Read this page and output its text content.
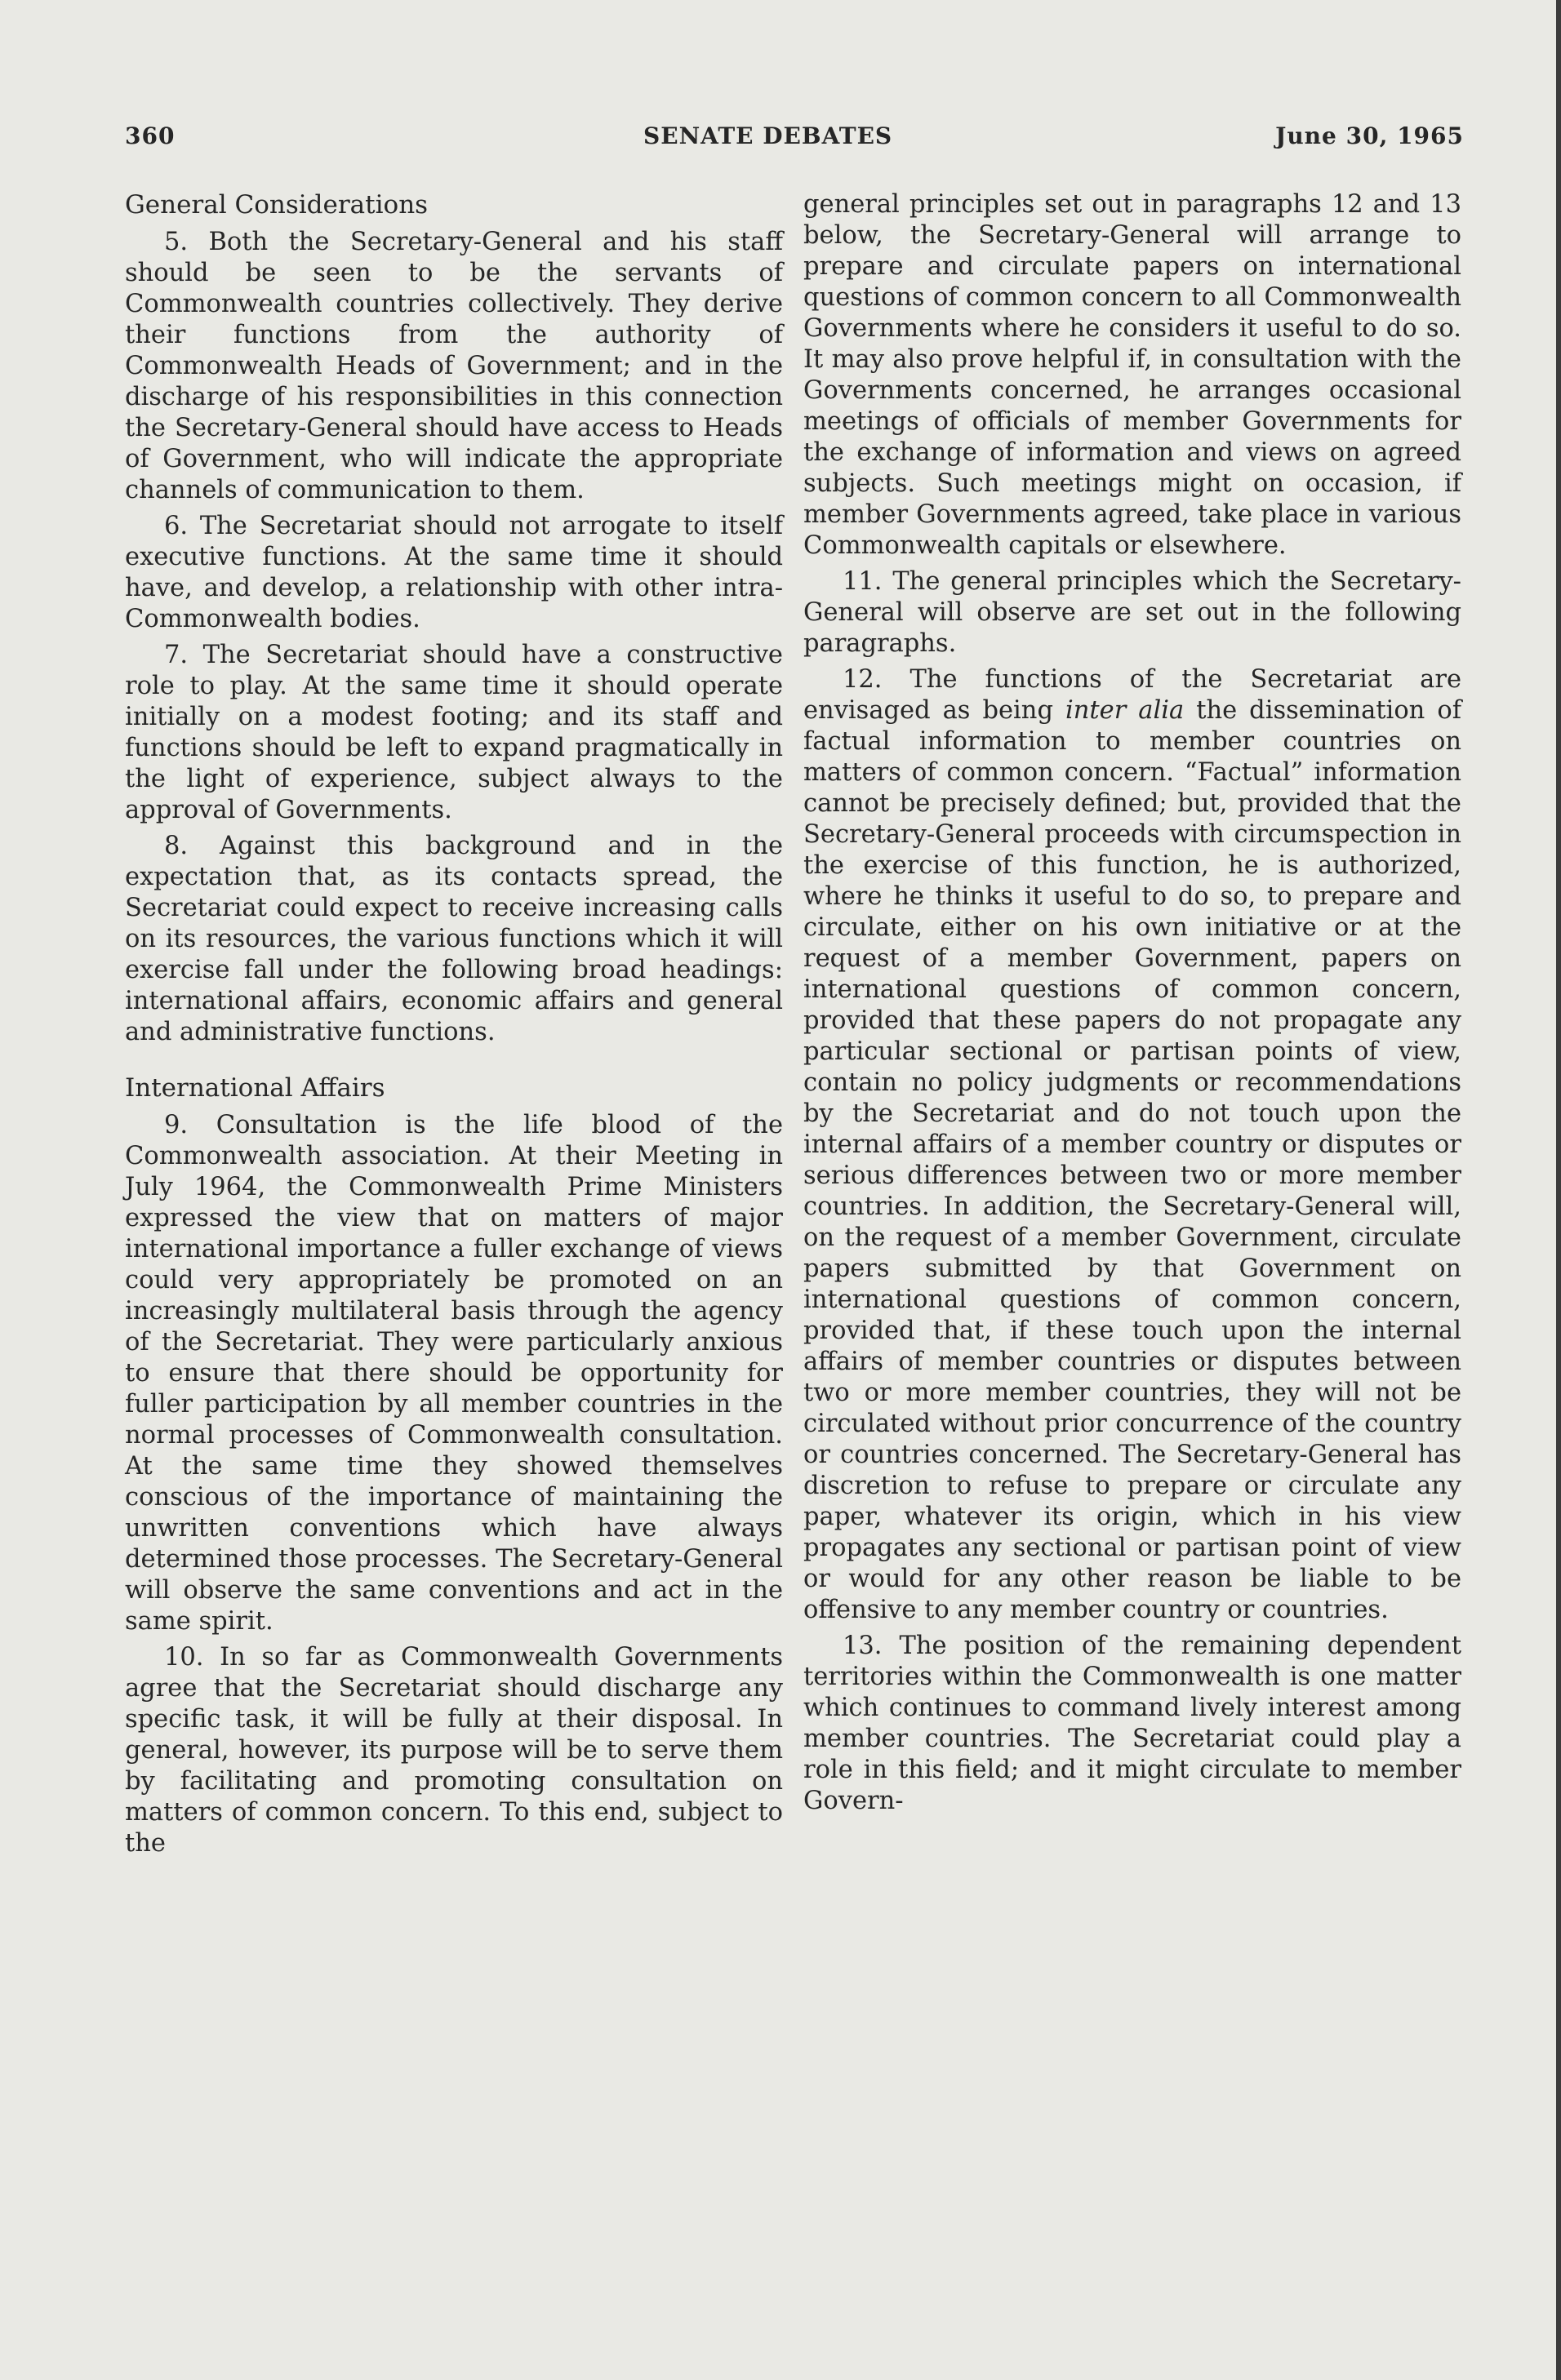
360	SENATE DEBATES	June 30, 1965
General Considerations

5. Both the Secretary-General and his staff should be seen to be the servants of Commonwealth countries collectively. They derive their functions from the authority of Commonwealth Heads of Government; and in the discharge of his responsibilities in this connection the Secretary-General should have access to Heads of Government, who will indicate the appropriate channels of communication to them.

6. The Secretariat should not arrogate to itself executive functions. At the same time it should have, and develop, a relationship with other intra-Commonwealth bodies.

7. The Secretariat should have a constructive role to play. At the same time it should operate initially on a modest footing; and its staff and functions should be left to expand pragmatically in the light of experience, subject always to the approval of Governments.

8. Against this background and in the expectation that, as its contacts spread, the Secretariat could expect to receive increasing calls on its resources, the various functions which it will exercise fall under the following broad headings: international affairs, economic affairs and general and administrative functions.

International Affairs

9. Consultation is the life blood of the Commonwealth association. At their Meeting in July 1964, the Commonwealth Prime Ministers expressed the view that on matters of major international importance a fuller exchange of views could very appropriately be promoted on an increasingly multilateral basis through the agency of the Secretariat. They were particularly anxious to ensure that there should be opportunity for fuller participation by all member countries in the normal processes of Commonwealth consultation. At the same time they showed themselves conscious of the importance of maintaining the unwritten conventions which have always determined those processes. The Secretary-General will observe the same conventions and act in the same spirit.

10. In so far as Commonwealth Governments agree that the Secretariat should discharge any specific task, it will be fully at their disposal. In general, however, its purpose will be to serve them by facilitating and promoting consultation on matters of common concern. To this end, subject to the

general principles set out in paragraphs 12 and 13 below, the Secretary-General will arrange to prepare and circulate papers on international questions of common concern to all Commonwealth Governments where he considers it useful to do so. It may also prove helpful if, in consultation with the Governments concerned, he arranges occasional meetings of officials of member Governments for the exchange of information and views on agreed subjects. Such meetings might on occasion, if member Governments agreed, take place in various Commonwealth capitals or elsewhere.

11. The general principles which the Secretary-General will observe are set out in the following paragraphs.

12. The functions of the Secretariat are envisaged as being inter alia the dissemination of factual information to member countries on matters of common concern. “Factual” information cannot be precisely defined; but, provided that the Secretary-General proceeds with circumspection in the exercise of this function, he is authorized, where he thinks it useful to do so, to prepare and circulate, either on his own initiative or at the request of a member Government, papers on international questions of common concern, provided that these papers do not propagate any particular sectional or partisan points of view, contain no policy judgments or recommendations by the Secretariat and do not touch upon the internal affairs of a member country or disputes or serious differences between two or more member countries. In addition, the Secretary-General will, on the request of a member Government, circulate papers submitted by that Government on international questions of common concern, provided that, if these touch upon the internal affairs of member countries or disputes between two or more member countries, they will not be circulated without prior concurrence of the country or countries concerned. The Secretary-General has discretion to refuse to prepare or circulate any paper, whatever its origin, which in his view propagates any sectional or partisan point of view or would for any other reason be liable to be offensive to any member country or countries.

13. The position of the remaining dependent territories within the Commonwealth is one matter which continues to command lively interest among member countries. The Secretariat could play a role in this field; and it might circulate to member Govern-
